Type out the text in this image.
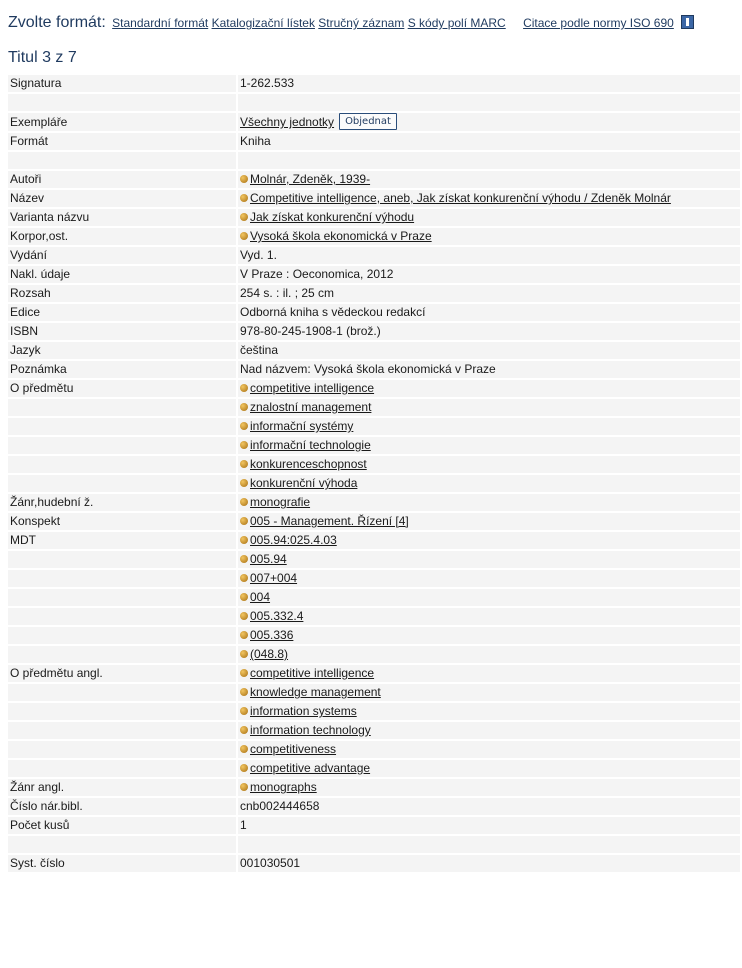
Zvolte formát: Standardní formát Katalogizační lístek Stručný záznam S kódy polí MARC Citace podle normy ISO 690
Titul 3 z 7
Signatura	1-262.533

Exempláře	Všechny jednotky Objednat
Formát	Kniha

Autoři	Molnár, Zdeněk, 1939-
Název	Competitive intelligence, aneb, Jak získat konkurenční výhodu / Zdeněk Molnár
Varianta názvu	Jak získat konkurenční výhodu
Korpor,ost.	Vysoká škola ekonomická v Praze
Vydání	Vyd. 1.
Nakl. údaje	V Praze : Oeconomica, 2012
Rozsah	254 s. : il. ; 25 cm
Edice	Odborná kniha s vědeckou redakcí
ISBN	978-80-245-1908-1 (brož.)
Jazyk	čeština
Poznámka	Nad názvem: Vysoká škola ekonomická v Praze
O předmětu	competitive intelligence
	znalostní management
	informační systémy
	informační technologie
	konkurenceschopnost
	konkurenční výhoda
Žánr,hudební ž.	monografie
Konspekt	005 - Management. Řízení [4]
MDT	005.94:025.4.03
	005.94
	007+004
	004
	005.332.4
	005.336
	(048.8)
O předmětu angl.	competitive intelligence
	knowledge management
	information systems
	information technology
	competitiveness
	competitive advantage
Žánr angl.	monographs
Číslo nár.bibl.	cnb002444658
Počet kusů	1

Syst. číslo	001030501
